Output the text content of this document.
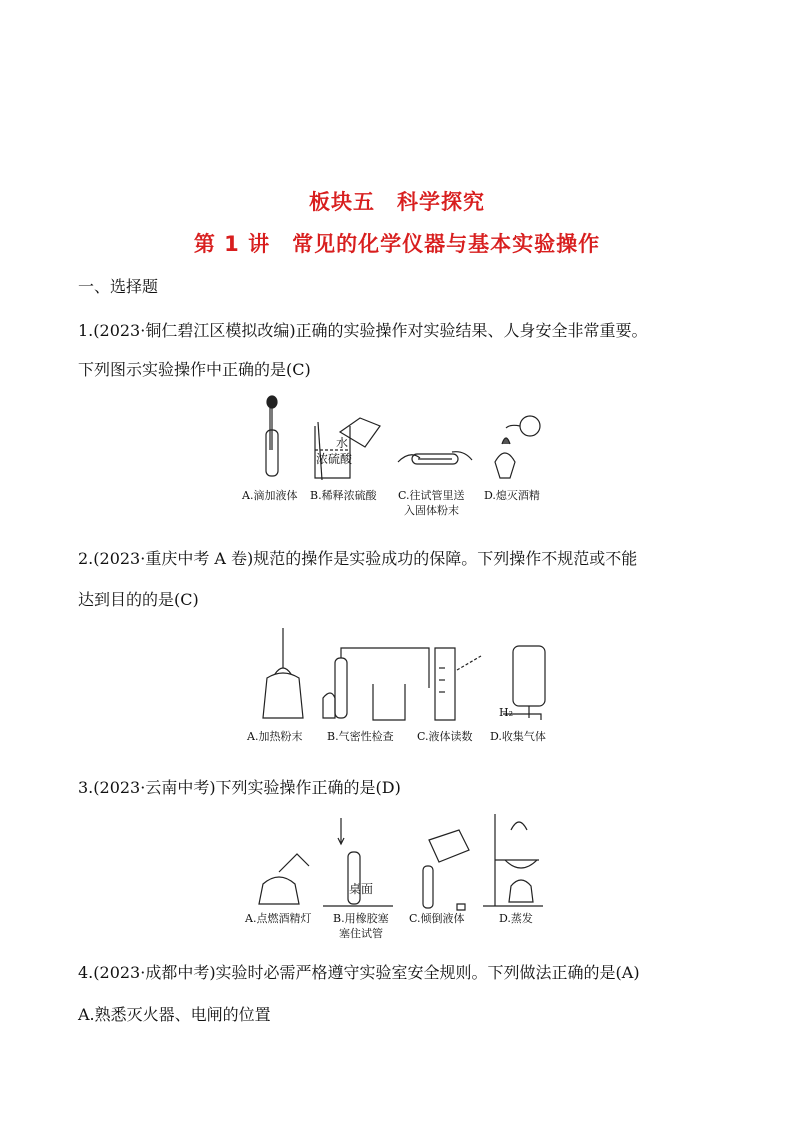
板块五　科学探究
第 1 讲　常见的化学仪器与基本实验操作
一、选择题
1.(2023·铜仁碧江区模拟改编)正确的实验操作对实验结果、人身安全非常重要。
下列图示实验操作中正确的是(C)
水
浓硫酸
A.滴加液体 B.稀释浓硫酸 C.往试管里送
入固体粉末
D.熄灭酒精
2.(2023·重庆中考 A 卷)规范的操作是实验成功的保障。下列操作不规范或不能
达到目的的是(C)
H₂
A.加热粉末 B.气密性检查 C.液体读数 D.收集气体
3.(2023·云南中考)下列实验操作正确的是(D)
桌面
A.点燃酒精灯 B.用橡胶塞
塞住试管
C.倾倒液体	D.蒸发
4.(2023·成都中考)实验时必需严格遵守实验室安全规则。下列做法正确的是(A)
A.熟悉灭火器、电闸的位置
